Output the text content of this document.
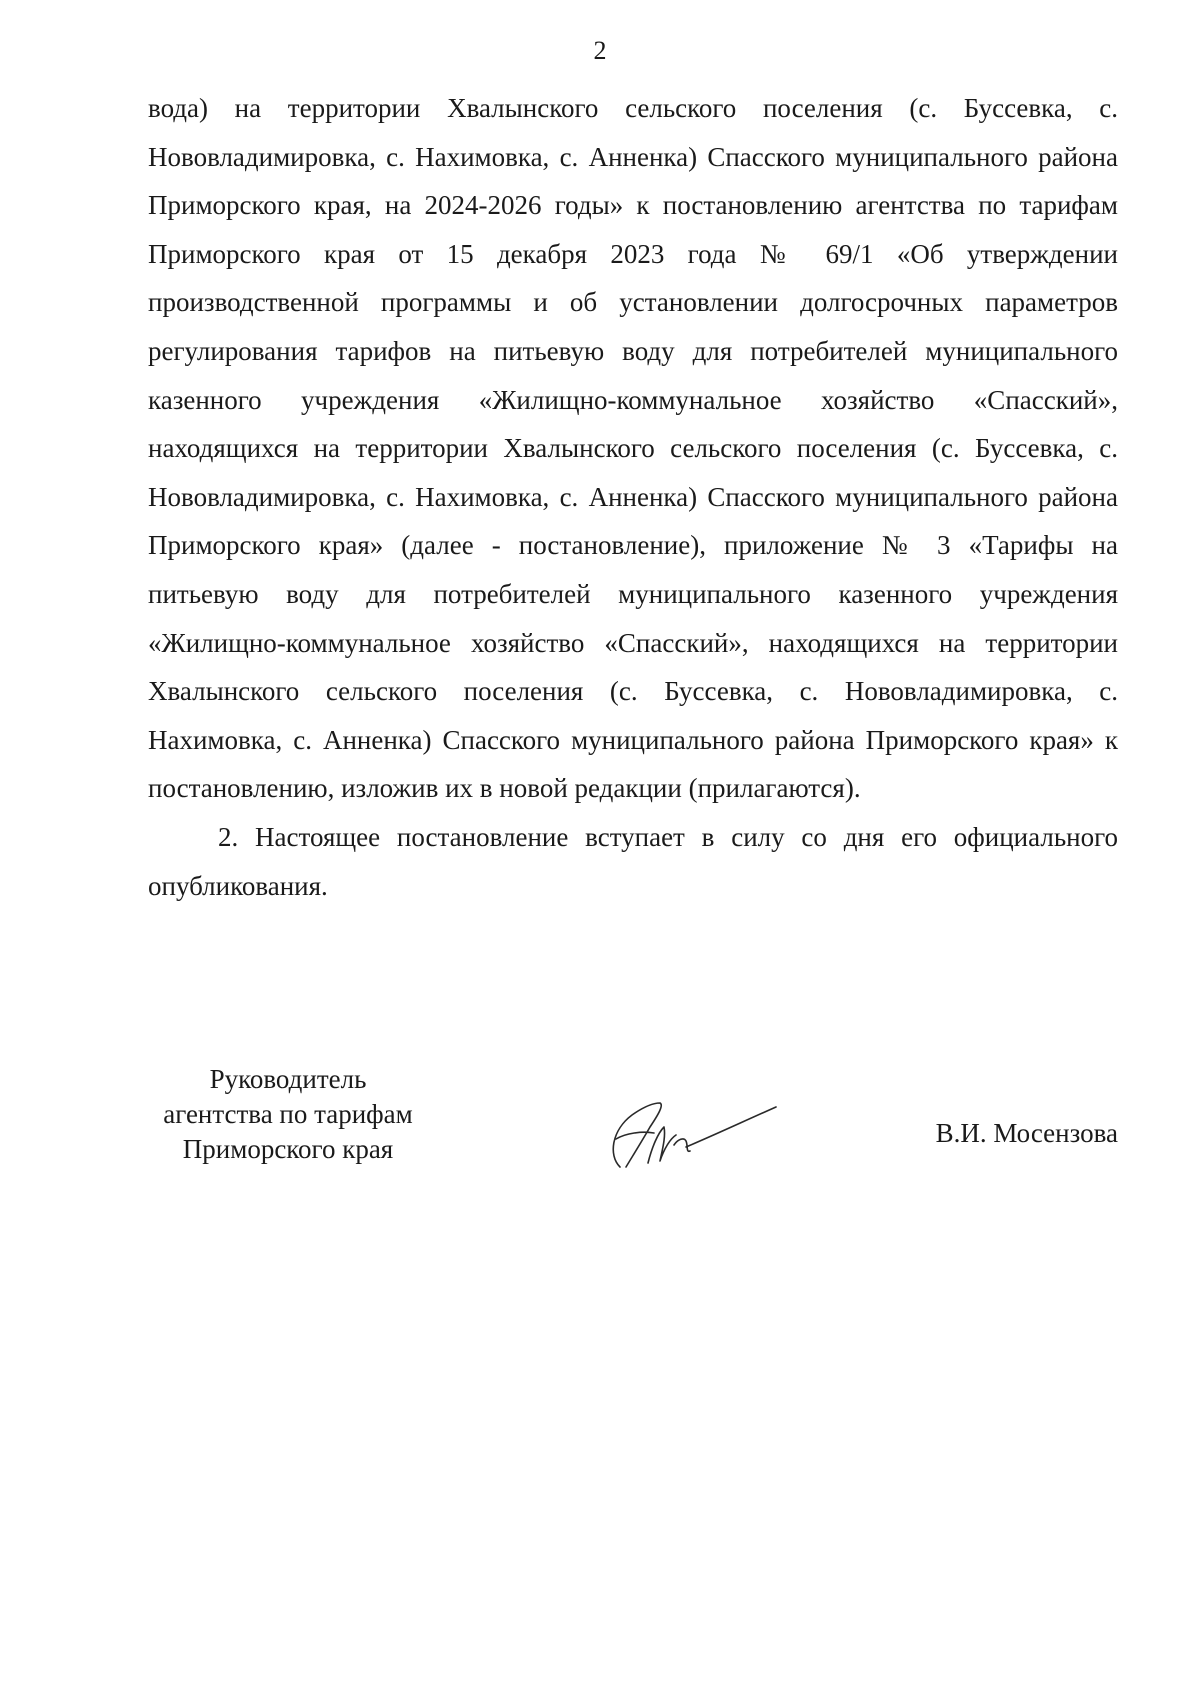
2

вода) на территории Хвалынского сельского поселения (с. Буссевка, с. Нововладимировка, с. Нахимовка, с. Анненка) Спасского муниципального района Приморского края, на 2024-2026 годы» к постановлению агентства по тарифам Приморского края от 15 декабря 2023 года № 69/1 «Об утверждении производственной программы и об установлении долгосрочных параметров регулирования тарифов на питьевую воду для потребителей муниципального казенного учреждения «Жилищно-коммунальное хозяйство «Спасский», находящихся на территории Хвалынского сельского поселения (с. Буссевка, с. Нововладимировка, с. Нахимовка, с. Анненка) Спасского муниципального района Приморского края» (далее - постановление), приложение № 3 «Тарифы на питьевую воду для потребителей муниципального казенного учреждения «Жилищно-коммунальное хозяйство «Спасский», находящихся на территории Хвалынского сельского поселения (с. Буссевка, с. Нововладимировка, с. Нахимовка, с. Анненка) Спасского муниципального района Приморского края» к постановлению, изложив их в новой редакции (прилагаются).

2. Настоящее постановление вступает в силу со дня его официального опубликования.

Руководитель
агентства по тарифам
Приморского края
В.И. Мосензова
